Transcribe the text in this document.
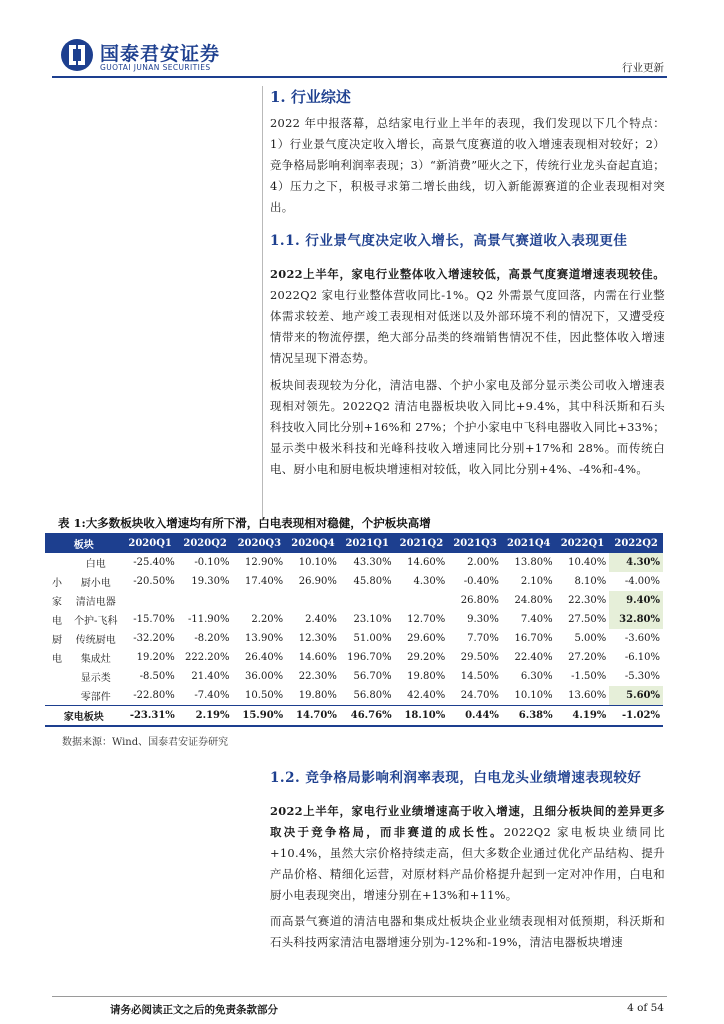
国泰君安证券
GUOTAI JUNAN SECURITIES	行业更新
1. 行业综述
2022 年中报落幕，总结家电行业上半年的表现，我们发现以下几个特点：1）行业景气度决定收入增长，高景气度赛道的收入增速表现相对较好；2）竞争格局影响利润率表现；3）“新消费”哑火之下，传统行业龙头奋起直追；4）压力之下，积极寻求第二增长曲线，切入新能源赛道的企业表现相对突出。
1.1. 行业景气度决定收入增长，高景气赛道收入表现更佳
2022上半年，家电行业整体收入增速较低，高景气度赛道增速表现较佳。2022Q2 家电行业整体营收同比-1%。Q2 外需景气度回落，内需在行业整体需求较差、地产竣工表现相对低迷以及外部环境不利的情况下，又遭受疫情带来的物流停摆，绝大部分品类的终端销售情况不佳，因此整体收入增速情况呈现下滑态势。
板块间表现较为分化，清洁电器、个护小家电及部分显示类公司收入增速表现相对领先。2022Q2 清洁电器板块收入同比+9.4%，其中科沃斯和石头科技收入同比分别+16%和 27%；个护小家电中飞科电器收入同比+33%；显示类中极米科技和光峰科技收入增速同比分别+17%和 28%。而传统白电、厨小电和厨电板块增速相对较低，收入同比分别+4%、-4%和-4%。
表 1:大多数板块收入增速均有所下滑，白电表现相对稳健，个护板块高增
板块		2020Q1	2020Q2	2020Q3	2020Q4	2021Q1	2021Q2	2021Q3	2021Q4	2022Q1	2022Q2
	白电	-25.40%	-0.10%	12.90%	10.10%	43.30%	14.60%	2.00%	13.80%	10.40%	4.30%
小	厨小电	-20.50%	19.30%	17.40%	26.90%	45.80%	4.30%	-0.40%	2.10%	8.10%	-4.00%
家	清洁电器							26.80%	24.80%	22.30%	9.40%
电	个护-飞科	-15.70%	-11.90%	2.20%	2.40%	23.10%	12.70%	9.30%	7.40%	27.50%	32.80%
厨	传统厨电	-32.20%	-8.20%	13.90%	12.30%	51.00%	29.60%	7.70%	16.70%	5.00%	-3.60%
电	集成灶	19.20%	222.20%	26.40%	14.60%	196.70%	29.20%	29.50%	22.40%	27.20%	-6.10%
	显示类	-8.50%	21.40%	36.00%	22.30%	56.70%	19.80%	14.50%	6.30%	-1.50%	-5.30%
	零部件	-22.80%	-7.40%	10.50%	19.80%	56.80%	42.40%	24.70%	10.10%	13.60%	5.60%
家电板块		-23.31%	2.19%	15.90%	14.70%	46.76%	18.10%	0.44%	6.38%	4.19%	-1.02%
数据来源：Wind、国泰君安证券研究
1.2. 竞争格局影响利润率表现，白电龙头业绩增速表现较好
2022上半年，家电行业业绩增速高于收入增速，且细分板块间的差异更多取决于竞争格局，而非赛道的成长性。2022Q2 家电板块业绩同比+10.4%，虽然大宗价格持续走高，但大多数企业通过优化产品结构、提升产品价格、精细化运营，对原材料产品价格提升起到一定对冲作用，白电和厨小电表现突出，增速分别在+13%和+11%。
而高景气赛道的清洁电器和集成灶板块企业业绩表现相对低预期，科沃斯和石头科技两家清洁电器增速分别为-12%和-19%，清洁电器板块增速
请务必阅读正文之后的免责条款部分	4 of 54
